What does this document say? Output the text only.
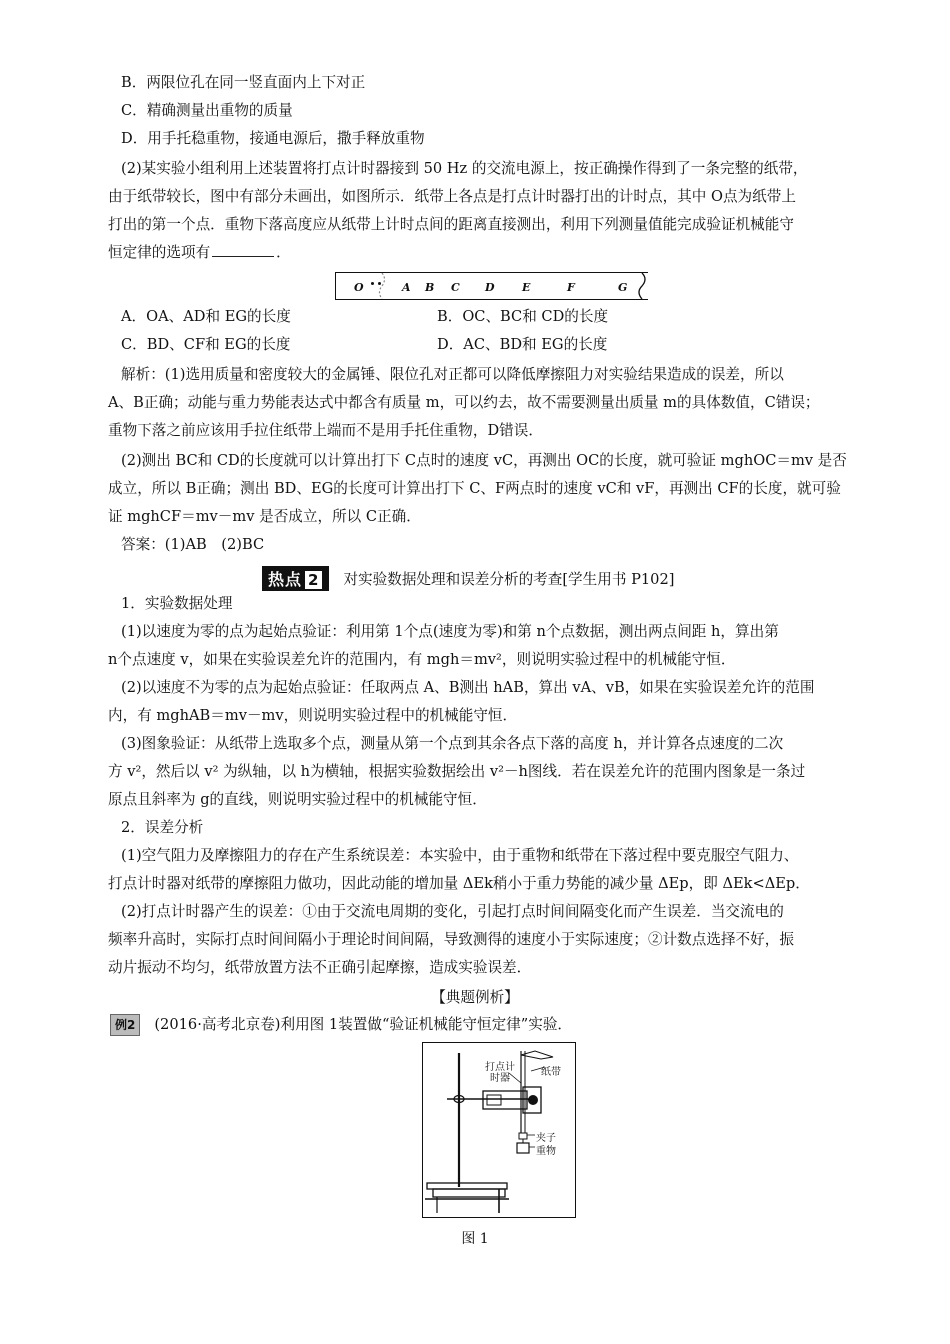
B．两限位孔在同一竖直面内上下对正
C．精确测量出重物的质量
D．用手托稳重物，接通电源后，撒手释放重物
(2)某实验小组利用上述装置将打点计时器接到 50 Hz 的交流电源上，按正确操作得到了一条完整的纸带，
由于纸带较长，图中有部分未画出，如图所示．纸带上各点是打点计时器打出的计时点，其中 O点为纸带上
打出的第一个点．重物下落高度应从纸带上计时点间的距离直接测出，利用下列测量值能完成验证机械能守
恒定律的选项有	．
O	A B C D E	F	G
A．OA、AD和 EG的长度	B．OC、BC和 CD的长度
C．BD、CF和 EG的长度	D．AC、BD和 EG的长度
解析：(1)选用质量和密度较大的金属锤、限位孔对正都可以降低摩擦阻力对实验结果造成的误差，所以
A、B正确；动能与重力势能表达式中都含有质量 m，可以约去，故不需要测量出质量 m的具体数值，C错误；
重物下落之前应该用手拉住纸带上端而不是用手托住重物，D错误．
(2)测出 BC和 CD的长度就可以计算出打下 C点时的速度 vC，再测出 OC的长度，就可验证 mghOC＝mv 是否
成立，所以 B正确；测出 BD、EG的长度可计算出打下 C、F两点时的速度 vC和 vF，再测出 CF的长度，就可验
证 mghCF＝mv－mv 是否成立，所以 C正确．
答案：(1)AB　(2)BC
热点 2	对实验数据处理和误差分析的考查[学生用书 P102]
1．实验数据处理
(1)以速度为零的点为起始点验证：利用第 1个点(速度为零)和第 n个点数据，测出两点间距 h，算出第
n个点速度 v，如果在实验误差允许的范围内，有 mgh＝mv²，则说明实验过程中的机械能守恒．
(2)以速度不为零的点为起始点验证：任取两点 A、B测出 hAB，算出 vA、vB，如果在实验误差允许的范围
内，有 mghAB＝mv－mv，则说明实验过程中的机械能守恒．
(3)图象验证：从纸带上选取多个点，测量从第一个点到其余各点下落的高度 h，并计算各点速度的二次
方 v²，然后以 v² 为纵轴，以 h为横轴，根据实验数据绘出 v²－h图线．若在误差允许的范围内图象是一条过
原点且斜率为 g的直线，则说明实验过程中的机械能守恒．
2．误差分析
(1)空气阻力及摩擦阻力的存在产生系统误差：本实验中，由于重物和纸带在下落过程中要克服空气阻力、
打点计时器对纸带的摩擦阻力做功，因此动能的增加量 ΔEk稍小于重力势能的减少量 ΔEp，即 ΔEk<ΔEp．
(2)打点计时器产生的误差：①由于交流电周期的变化，引起打点时间间隔变化而产生误差．当交流电的
频率升高时，实际打点时间间隔小于理论时间间隔，导致测得的速度小于实际速度；②计数点选择不好，振
动片振动不均匀，纸带放置方法不正确引起摩擦，造成实验误差．
【典题例析】
例2 (2016·高考北京卷)利用图 1装置做“验证机械能守恒定律”实验．
打点计时器
纸带
夹子
重物
图 1
